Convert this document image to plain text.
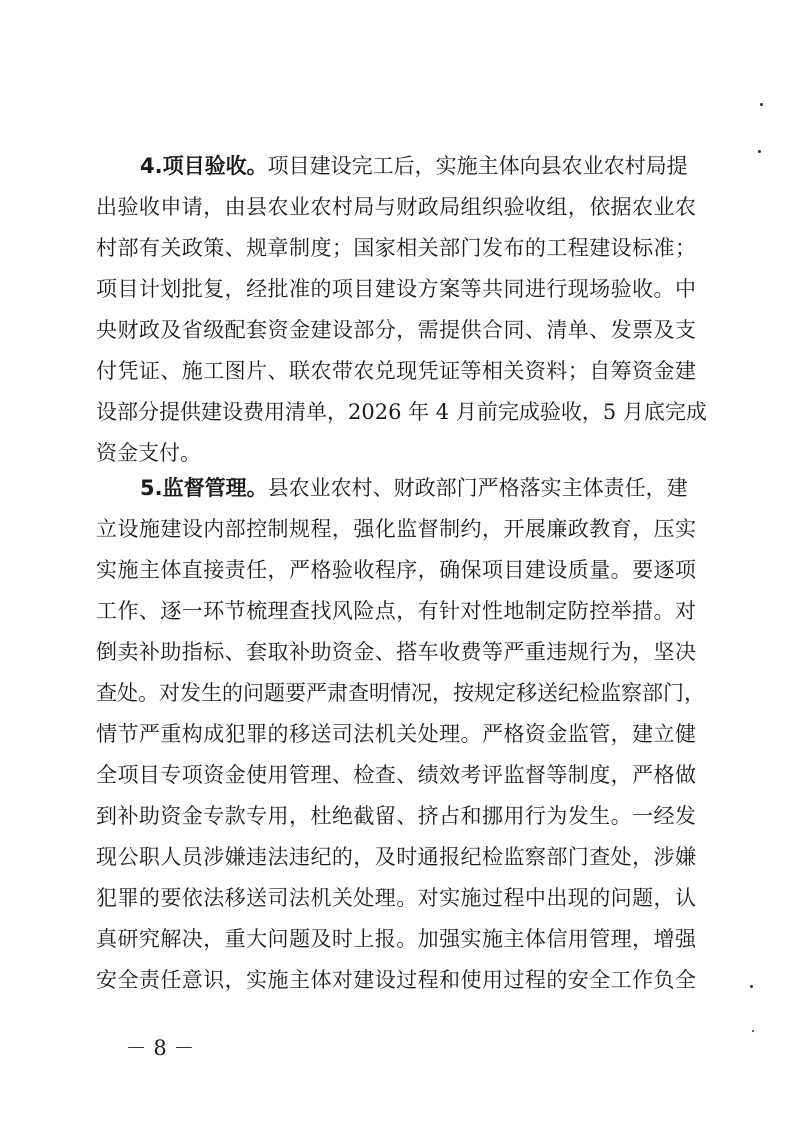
4.项目验收。项目建设完工后，实施主体向县农业农村局提
出验收申请，由县农业农村局与财政局组织验收组，依据农业农
村部有关政策、规章制度；国家相关部门发布的工程建设标准；
项目计划批复，经批准的项目建设方案等共同进行现场验收。中
央财政及省级配套资金建设部分，需提供合同、清单、发票及支
付凭证、施工图片、联农带农兑现凭证等相关资料；自筹资金建
设部分提供建设费用清单，2026 年 4 月前完成验收，5 月底完成
资金支付。
5.监督管理。县农业农村、财政部门严格落实主体责任，建
立设施建设内部控制规程，强化监督制约，开展廉政教育，压实
实施主体直接责任，严格验收程序，确保项目建设质量。要逐项
工作、逐一环节梳理查找风险点，有针对性地制定防控举措。对
倒卖补助指标、套取补助资金、搭车收费等严重违规行为，坚决
查处。对发生的问题要严肃查明情况，按规定移送纪检监察部门，
情节严重构成犯罪的移送司法机关处理。严格资金监管，建立健
全项目专项资金使用管理、检查、绩效考评监督等制度，严格做
到补助资金专款专用，杜绝截留、挤占和挪用行为发生。一经发
现公职人员涉嫌违法违纪的，及时通报纪检监察部门查处，涉嫌
犯罪的要依法移送司法机关处理。对实施过程中出现的问题，认
真研究解决，重大问题及时上报。加强实施主体信用管理，增强
安全责任意识，实施主体对建设过程和使用过程的安全工作负全
－ 8 －
